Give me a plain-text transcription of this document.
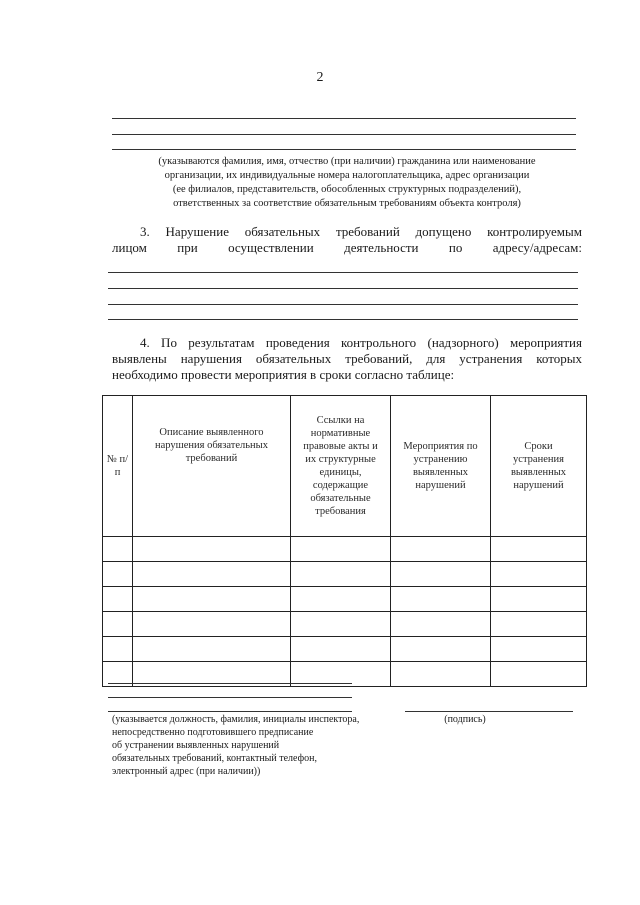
2
(указываются фамилия, имя, отчество (при наличии) гражданина или наименование
организации, их индивидуальные номера налогоплательщика, адрес организации
(ее филиалов, представительств, обособленных структурных подразделений),
ответственных за соответствие обязательным требованиям объекта контроля)
3. Нарушение обязательных требований допущено контролируемым
лицом при осуществлении деятельности по адресу/адресам:
4. По результатам проведения контрольного (надзорного) мероприятия
выявлены нарушения обязательных требований, для устранения которых
необходимо провести мероприятия в сроки согласно таблице:
№ п/п	Описание выявленного нарушения обязательных требований	Ссылки на нормативные правовые акты и их структурные единицы, содержащие обязательные требования	Мероприятия по устранению выявленных нарушений	Сроки устранения выявленных нарушений

(указывается должность, фамилия, инициалы инспектора,
непосредственно подготовившего предписание
об устранении выявленных нарушений
обязательных требований, контактный телефон,
электронный адрес (при наличии))
(подпись)
